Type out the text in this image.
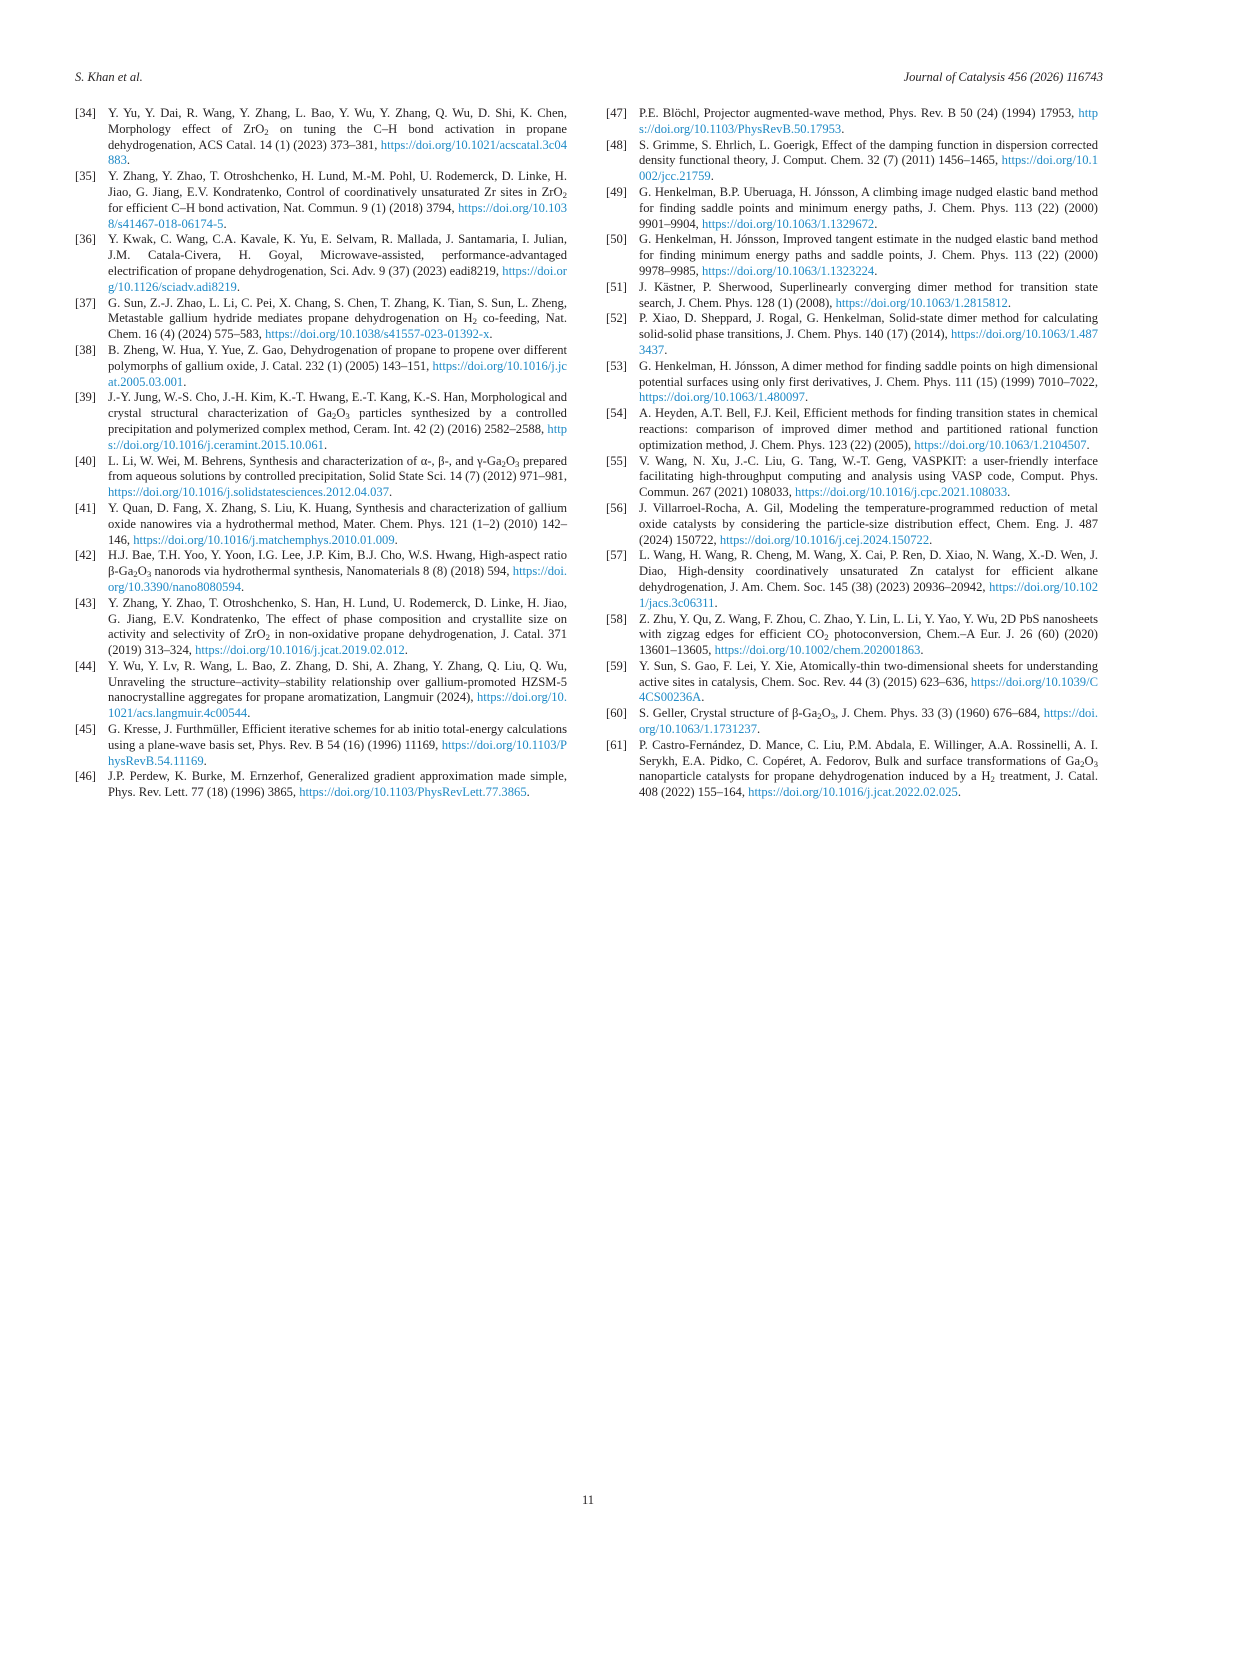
S. Khan et al.	Journal of Catalysis 456 (2026) 116743
[34] Y. Yu, Y. Dai, R. Wang, Y. Zhang, L. Bao, Y. Wu, Y. Zhang, Q. Wu, D. Shi, K. Chen, Morphology effect of ZrO$_2$ on tuning the C–H bond activation in propane dehydrogenation, ACS Catal. 14 (1) (2023) 373–381, https://doi.org/10.1021/acscatal.3c04883.
[35] Y. Zhang, Y. Zhao, T. Otroshchenko, H. Lund, M.-M. Pohl, U. Rodemerck, D. Linke, H. Jiao, G. Jiang, E.V. Kondratenko, Control of coordinatively unsaturated Zr sites in ZrO$_2$ for efficient C–H bond activation, Nat. Commun. 9 (1) (2018) 3794, https://doi.org/10.1038/s41467-018-06174-5.
[36] Y. Kwak, C. Wang, C.A. Kavale, K. Yu, E. Selvam, R. Mallada, J. Santamaria, I. Julian, J.M. Catala-Civera, H. Goyal, Microwave-assisted, performance-advantaged electrification of propane dehydrogenation, Sci. Adv. 9 (37) (2023) eadi8219, https://doi.org/10.1126/sciadv.adi8219.
[37] G. Sun, Z.-J. Zhao, L. Li, C. Pei, X. Chang, S. Chen, T. Zhang, K. Tian, S. Sun, L. Zheng, Metastable gallium hydride mediates propane dehydrogenation on $H_2$ co-feeding, Nat. Chem. 16 (4) (2024) 575–583, https://doi.org/10.1038/s41557-023-01392-x.
[38] B. Zheng, W. Hua, Y. Yue, Z. Gao, Dehydrogenation of propane to propene over different polymorphs of gallium oxide, J. Catal. 232 (1) (2005) 143–151, https://doi.org/10.1016/j.jcat.2005.03.001.
[39] J.-Y. Jung, W.-S. Cho, J.-H. Kim, K.-T. Hwang, E.-T. Kang, K.-S. Han, Morphological and crystal structural characterization of $Ga_2O_3$ particles synthesized by a controlled precipitation and polymerized complex method, Ceram. Int. 42 (2) (2016) 2582–2588, https://doi.org/10.1016/j.ceramint.2015.10.061.
[40] L. Li, W. Wei, M. Behrens, Synthesis and characterization of α-, β-, and $\gamma-Ga_2O_3$ prepared from aqueous solutions by controlled precipitation, Solid State Sci. 14 (7) (2012) 971–981, https://doi.org/10.1016/j.solidstatesciences.2012.04.037.
[41] Y. Quan, D. Fang, X. Zhang, S. Liu, K. Huang, Synthesis and characterization of gallium oxide nanowires via a hydrothermal method, Mater. Chem. Phys. 121 (1–2) (2010) 142–146, https://doi.org/10.1016/j.matchemphys.2010.01.009.
[42] H.J. Bae, T.H. Yoo, Y. Yoon, I.G. Lee, J.P. Kim, B.J. Cho, W.S. Hwang, High-aspect ratio $\beta-Ga_2O_3$ nanorods via hydrothermal synthesis, Nanomaterials 8 (8) (2018) 594, https://doi.org/10.3390/nano8080594.
[43] Y. Zhang, Y. Zhao, T. Otroshchenko, S. Han, H. Lund, U. Rodemerck, D. Linke, H. Jiao, G. Jiang, E.V. Kondratenko, The effect of phase composition and crystallite size on activity and selectivity of ZrO$_2$ in non-oxidative propane dehydrogenation, J. Catal. 371 (2019) 313–324, https://doi.org/10.1016/j.jcat.2019.02.012.
[44] Y. Wu, Y. Lv, R. Wang, L. Bao, Z. Zhang, D. Shi, A. Zhang, Y. Zhang, Q. Liu, Q. Wu, Unraveling the structure–activity–stability relationship over gallium-promoted HZSM-5 nanocrystalline aggregates for propane aromatization, Langmuir (2024), https://doi.org/10.1021/acs.langmuir.4c00544.
[45] G. Kresse, J. Furthmüller, Efficient iterative schemes for ab initio total-energy calculations using a plane-wave basis set, Phys. Rev. B 54 (16) (1996) 11169, https://doi.org/10.1103/PhysRevB.54.11169.
[46] J.P. Perdew, K. Burke, M. Ernzerhof, Generalized gradient approximation made simple, Phys. Rev. Lett. 77 (18) (1996) 3865, https://doi.org/10.1103/PhysRevLett.77.3865.
[47] P.E. Blöchl, Projector augmented-wave method, Phys. Rev. B 50 (24) (1994) 17953, https://doi.org/10.1103/PhysRevB.50.17953.
[48] S. Grimme, S. Ehrlich, L. Goerigk, Effect of the damping function in dispersion corrected density functional theory, J. Comput. Chem. 32 (7) (2011) 1456–1465, https://doi.org/10.1002/jcc.21759.
[49] G. Henkelman, B.P. Uberuaga, H. Jónsson, A climbing image nudged elastic band method for finding saddle points and minimum energy paths, J. Chem. Phys. 113 (22) (2000) 9901–9904, https://doi.org/10.1063/1.1329672.
[50] G. Henkelman, H. Jónsson, Improved tangent estimate in the nudged elastic band method for finding minimum energy paths and saddle points, J. Chem. Phys. 113 (22) (2000) 9978–9985, https://doi.org/10.1063/1.1323224.
[51] J. Kästner, P. Sherwood, Superlinearly converging dimer method for transition state search, J. Chem. Phys. 128 (1) (2008), https://doi.org/10.1063/1.2815812.
[52] P. Xiao, D. Sheppard, J. Rogal, G. Henkelman, Solid-state dimer method for calculating solid-solid phase transitions, J. Chem. Phys. 140 (17) (2014), https://doi.org/10.1063/1.4873437.
[53] G. Henkelman, H. Jónsson, A dimer method for finding saddle points on high dimensional potential surfaces using only first derivatives, J. Chem. Phys. 111 (15) (1999) 7010–7022, https://doi.org/10.1063/1.480097.
[54] A. Heyden, A.T. Bell, F.J. Keil, Efficient methods for finding transition states in chemical reactions: comparison of improved dimer method and partitioned rational function optimization method, J. Chem. Phys. 123 (22) (2005), https://doi.org/10.1063/1.2104507.
[55] V. Wang, N. Xu, J.-C. Liu, G. Tang, W.-T. Geng, VASPKIT: a user-friendly interface facilitating high-throughput computing and analysis using VASP code, Comput. Phys. Commun. 267 (2021) 108033, https://doi.org/10.1016/j.cpc.2021.108033.
[56] J. Villarroel-Rocha, A. Gil, Modeling the temperature-programmed reduction of metal oxide catalysts by considering the particle-size distribution effect, Chem. Eng. J. 487 (2024) 150722, https://doi.org/10.1016/j.cej.2024.150722.
[57] L. Wang, H. Wang, R. Cheng, M. Wang, X. Cai, P. Ren, D. Xiao, N. Wang, X.-D. Wen, J. Diao, High-density coordinatively unsaturated Zn catalyst for efficient alkane dehydrogenation, J. Am. Chem. Soc. 145 (38) (2023) 20936–20942, https://doi.org/10.1021/jacs.3c06311.
[58] Z. Zhu, Y. Qu, Z. Wang, F. Zhou, C. Zhao, Y. Lin, L. Li, Y. Yao, Y. Wu, 2D PbS nanosheets with zigzag edges for efficient $CO_2$ photoconversion, Chem.–A Eur. J. 26 (60) (2020) 13601–13605, https://doi.org/10.1002/chem.202001863.
[59] Y. Sun, S. Gao, F. Lei, Y. Xie, Atomically-thin two-dimensional sheets for understanding active sites in catalysis, Chem. Soc. Rev. 44 (3) (2015) 623–636, https://doi.org/10.1039/C4CS00236A.
[60] S. Geller, Crystal structure of $\beta-Ga_2O_3$, J. Chem. Phys. 33 (3) (1960) 676–684, https://doi.org/10.1063/1.1731237.
[61] P. Castro-Fernández, D. Mance, C. Liu, P.M. Abdala, E. Willinger, A.A. Rossinelli, A. I. Serykh, E.A. Pidko, C. Copéret, A. Fedorov, Bulk and surface transformations of $Ga_2O_3$ nanoparticle catalysts for propane dehydrogenation induced by a $H_2$ treatment, J. Catal. 408 (2022) 155–164, https://doi.org/10.1016/j.jcat.2022.02.025.
11
